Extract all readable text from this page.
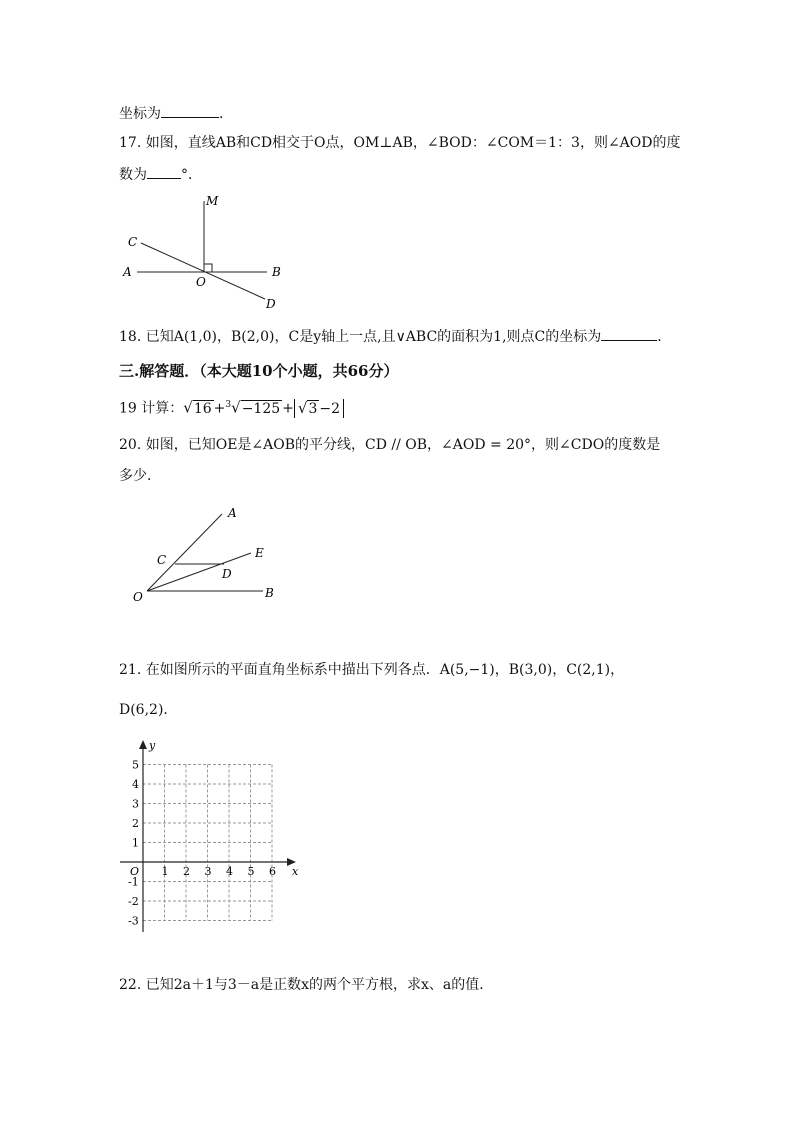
坐标为	．
17. 如图，直线AB和CD相交于O点，OM⊥AB，∠BOD：∠COM＝1：3，则∠AOD的度
数为 °．
M
C
A
O
B
D
18. 已知A(1,0)，B(2,0)，C是y轴上一点,且∨ABC的面积为1,则点C的坐标为	．
三.解答题．（本大题10个小题，共66分）
19 计算：√16 +$^3$√−125 + √3 −2
20. 如图，已知OE是∠AOB的平分线，CD // OB，∠AOD = 20°，则∠CDO的度数是
多少．
A
C	E
D
O	B
21. 在如图所示的平面直角坐标系中描出下列各点．A(5,−1)，B(3,0)，C(2,1)，
D(6,2)．
x
y
O 1 2 3 4 5 6
5
4
3
2
1
-1
-2
-3
22. 已知2a＋1与3－a是正数x的两个平方根，求x、a的值．
